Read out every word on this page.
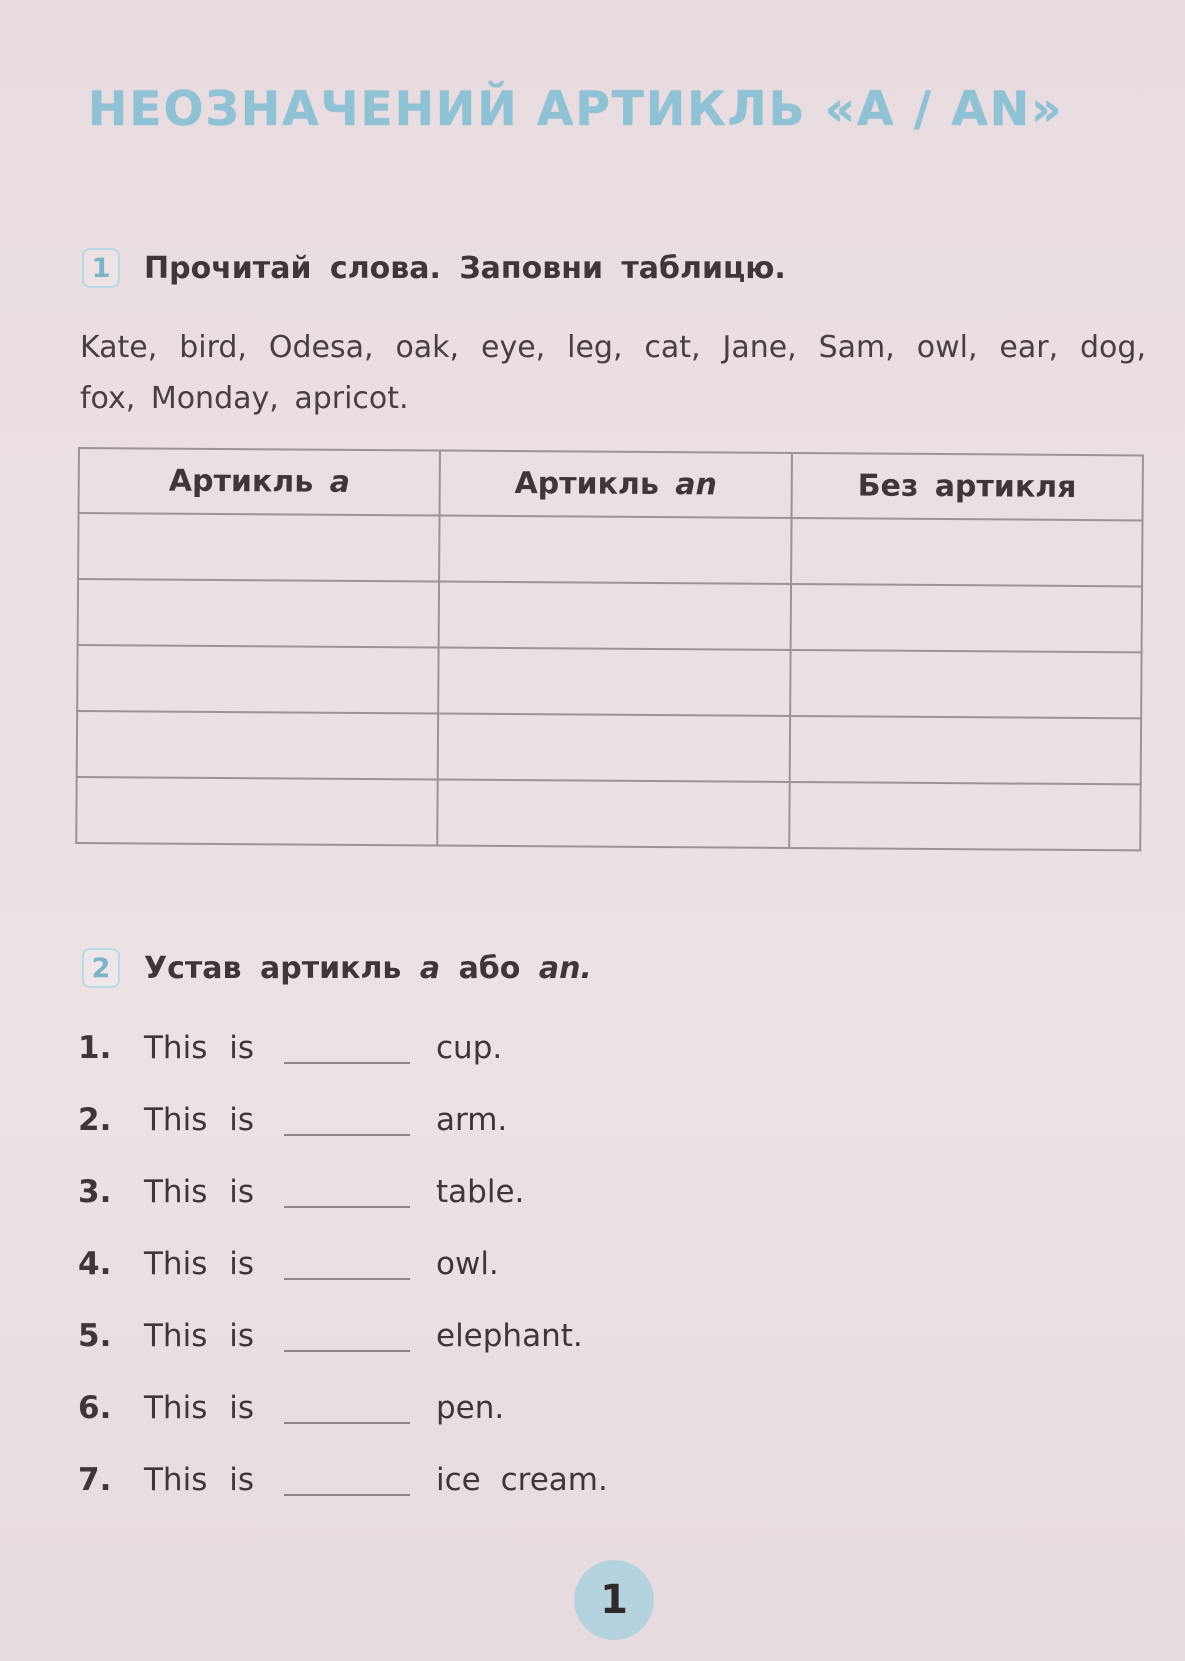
НЕОЗНАЧЕНИЙ АРТИКЛЬ «A / AN»
1	Прочитай слова. Заповни таблицю.
Kate, bird, Odesa, oak, eye, leg, cat, Jane, Sam, owl, ear, dog, fox, Monday, apricot.
Артикль a	Артикль an	Без артикля

2	Устав артикль a або an.
1.	This is	cup.
2.	This is	arm.
3.	This is	table.
4.	This is	owl.
5.	This is	elephant.
6.	This is	pen.
7.	This is	ice cream.
1
